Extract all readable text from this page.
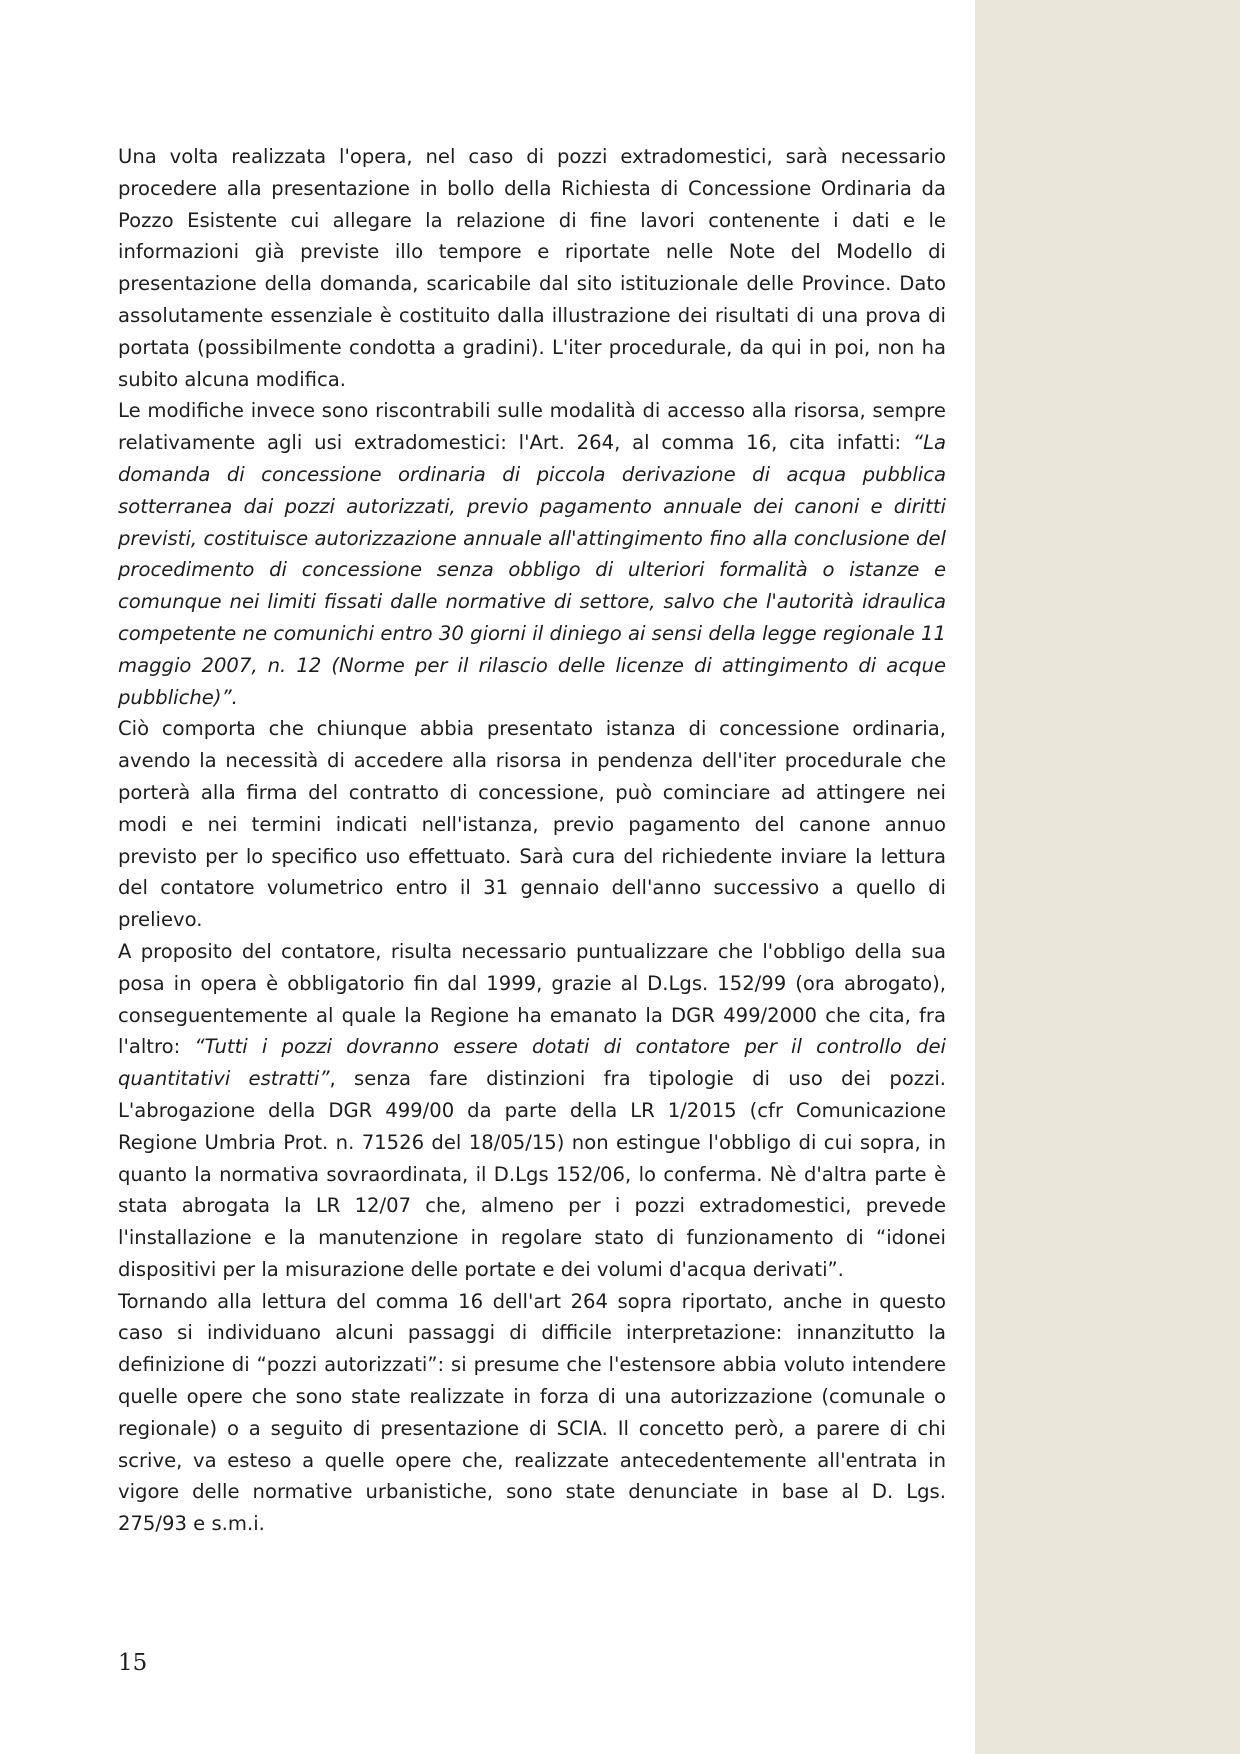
Una volta realizzata l'opera, nel caso di pozzi extradomestici, sarà necessario procedere alla presentazione in bollo della Richiesta di Concessione Ordinaria da Pozzo Esistente cui allegare la relazione di fine lavori contenente i dati e le informazioni già previste illo tempore e riportate nelle Note del Modello di presentazione della domanda, scaricabile dal sito istituzionale delle Province. Dato assolutamente essenziale è costituito dalla illustrazione dei risultati di una prova di portata (possibilmente condotta a gradini). L'iter procedurale, da qui in poi, non ha subito alcuna modifica.

Le modifiche invece sono riscontrabili sulle modalità di accesso alla risorsa, sempre relativamente agli usi extradomestici: l'Art. 264, al comma 16, cita infatti: “La domanda di concessione ordinaria di piccola derivazione di acqua pubblica sotterranea dai pozzi autorizzati, previo pagamento annuale dei canoni e diritti previsti, costituisce autorizzazione annuale all'attingimento fino alla conclusione del procedimento di concessione senza obbligo di ulteriori formalità o istanze e comunque nei limiti fissati dalle normative di settore, salvo che l'autorità idraulica competente ne comunichi entro 30 giorni il diniego ai sensi della legge regionale 11 maggio 2007, n. 12 (Norme per il rilascio delle licenze di attingimento di acque pubbliche)”.

Ciò comporta che chiunque abbia presentato istanza di concessione ordinaria, avendo la necessità di accedere alla risorsa in pendenza dell'iter procedurale che porterà alla firma del contratto di concessione, può cominciare ad attingere nei modi e nei termini indicati nell'istanza, previo pagamento del canone annuo previsto per lo specifico uso effettuato. Sarà cura del richiedente inviare la lettura del contatore volumetrico entro il 31 gennaio dell'anno successivo a quello di prelievo.

A proposito del contatore, risulta necessario puntualizzare che l'obbligo della sua posa in opera è obbligatorio fin dal 1999, grazie al D.Lgs. 152/99 (ora abrogato), conseguentemente al quale la Regione ha emanato la DGR 499/2000 che cita, fra l'altro: “Tutti i pozzi dovranno essere dotati di contatore per il controllo dei quantitativi estratti”, senza fare distinzioni fra tipologie di uso dei pozzi. L'abrogazione della DGR 499/00 da parte della LR 1/2015 (cfr Comunicazione Regione Umbria Prot. n. 71526 del 18/05/15) non estingue l'obbligo di cui sopra, in quanto la normativa sovraordinata, il D.Lgs 152/06, lo conferma. Nè d'altra parte è stata abrogata la LR 12/07 che, almeno per i pozzi extradomestici, prevede l'installazione e la manutenzione in regolare stato di funzionamento di “idonei dispositivi per la misurazione delle portate e dei volumi d'acqua derivati”.

Tornando alla lettura del comma 16 dell'art 264 sopra riportato, anche in questo caso si individuano alcuni passaggi di difficile interpretazione: innanzitutto la definizione di “pozzi autorizzati”: si presume che l'estensore abbia voluto intendere quelle opere che sono state realizzate in forza di una autorizzazione (comunale o regionale) o a seguito di presentazione di SCIA. Il concetto però, a parere di chi scrive, va esteso a quelle opere che, realizzate antecedentemente all'entrata in vigore delle normative urbanistiche, sono state denunciate in base al D. Lgs. 275/93 e s.m.i.

15
